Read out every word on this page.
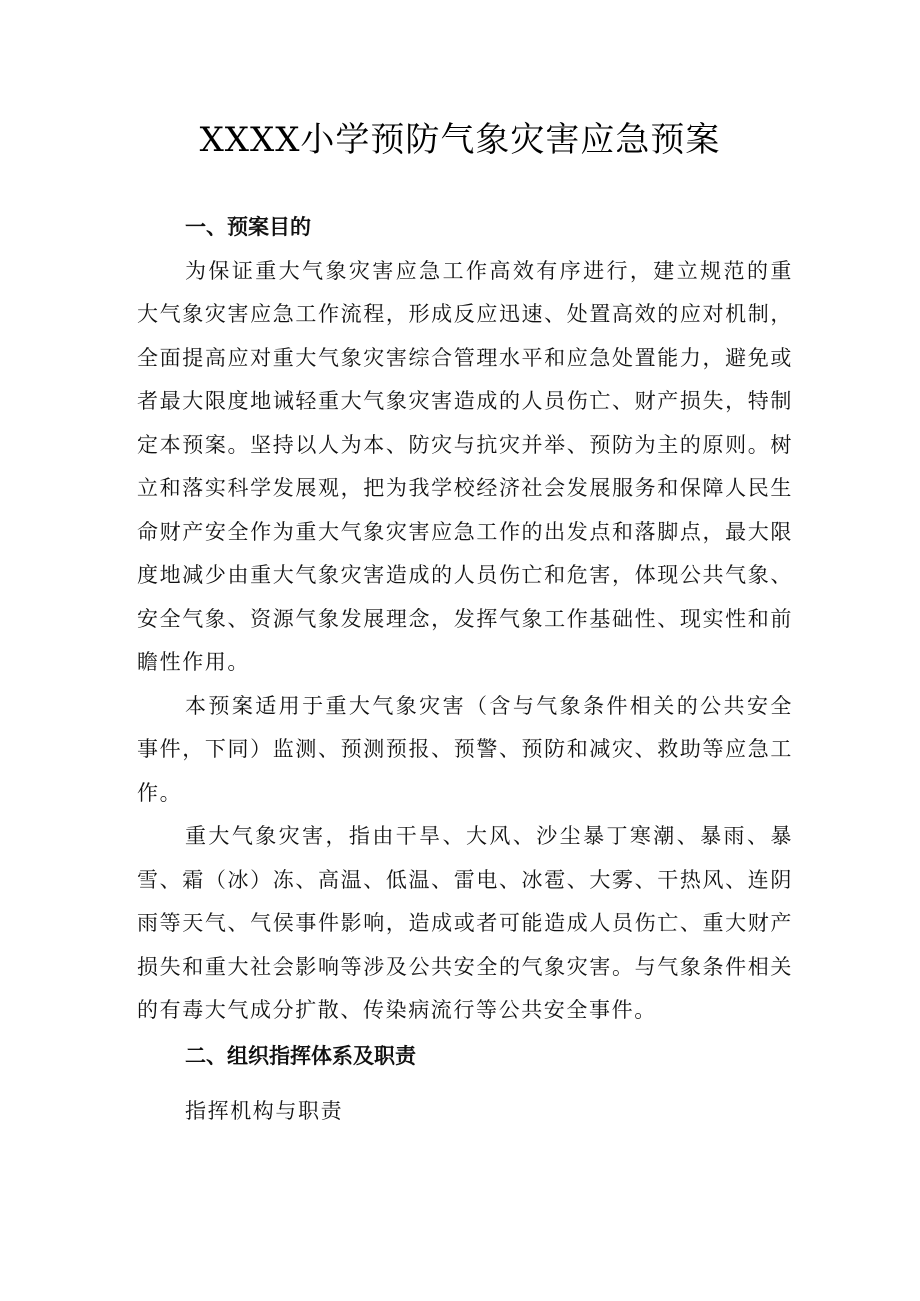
XXXX小学预防气象灾害应急预案

一、预案目的

为保证重大气象灾害应急工作高效有序进行，建立规范的重大气象灾害应急工作流程，形成反应迅速、处置高效的应对机制，全面提高应对重大气象灾害综合管理水平和应急处置能力，避免或者最大限度地诫轻重大气象灾害造成的人员伤亡、财产损失，特制定本预案。坚持以人为本、防灾与抗灾并举、预防为主的原则。树立和落实科学发展观，把为我学校经济社会发展服务和保障人民生命财产安全作为重大气象灾害应急工作的出发点和落脚点，最大限度地减少由重大气象灾害造成的人员伤亡和危害，体现公共气象、安全气象、资源气象发展理念，发挥气象工作基础性、现实性和前瞻性作用。

本预案适用于重大气象灾害（含与气象条件相关的公共安全事件，下同）监测、预测预报、预警、预防和减灾、救助等应急工作。

重大气象灾害，指由干旱、大风、沙尘暴丁寒潮、暴雨、暴雪、霜（冰）冻、高温、低温、雷电、冰雹、大雾、干热风、连阴雨等天气、气侯事件影响，造成或者可能造成人员伤亡、重大财产损失和重大社会影响等涉及公共安全的气象灾害。与气象条件相关的有毒大气成分扩散、传染病流行等公共安全事件。

二、组织指挥体系及职责

指挥机构与职责
